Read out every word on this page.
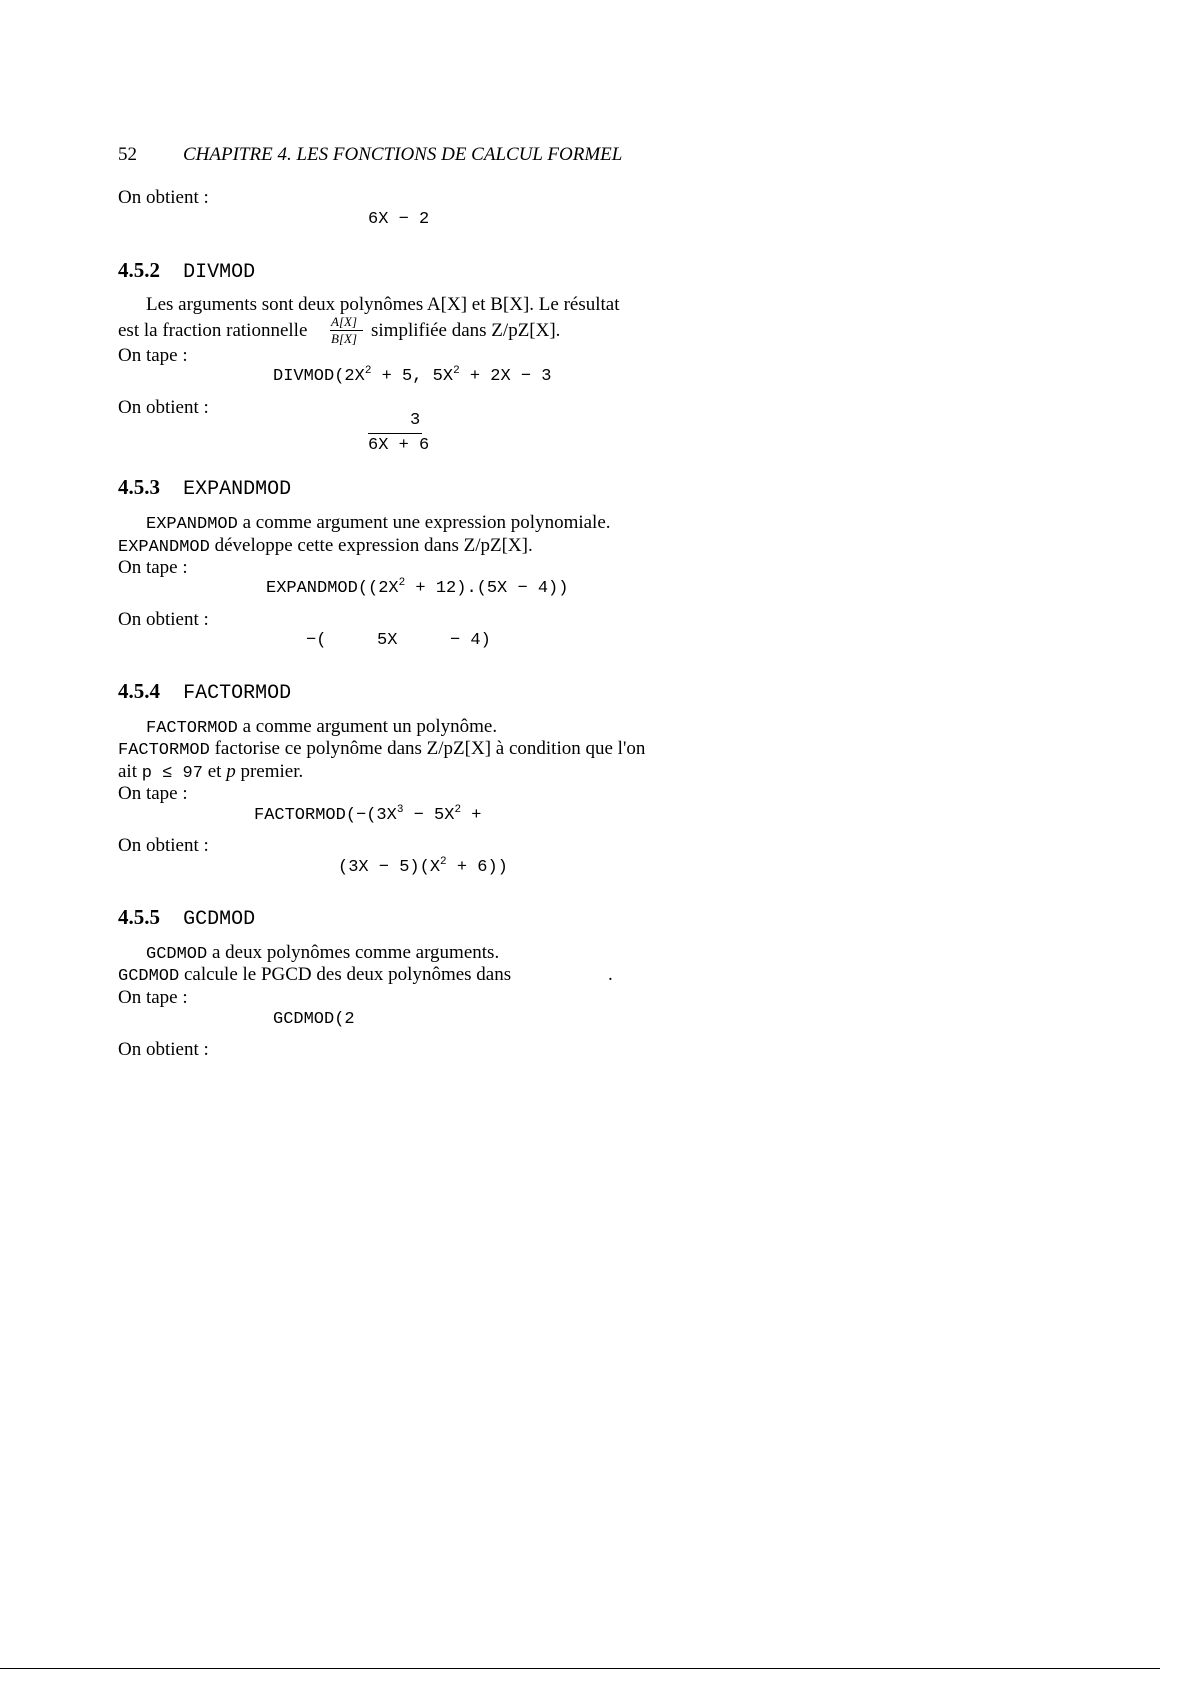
52 CHAPITRE 4. LES FONCTIONS DE CALCUL FORMEL
On obtient :
6X − 2
4.5.2 DIVMOD
Les arguments sont deux polynômes A[X] et B[X]. Le résultat
est la fraction rationnelle A[X]
B[X] simplifiée dans Z/pZ[X].
On tape :
$DIVMOD(2X^2 + 5$, $5X^2 + 2X - 3$
On obtient :
3
6X + 6
4.5.3 EXPANDMOD
EXPANDMOD a comme argument une expression polynomiale.
EXPANDMOD développe cette expression dans Z/pZ[X].
On tape :
$EXPANDMOD((2X^2 + 12).(5X - 4))$
On obtient :
−(	5X	− 4)
4.5.4 FACTORMOD
FACTORMOD a comme argument un polynôme.
FACTORMOD factorise ce polynôme dans Z/pZ[X] à condition que l'on
ait p ≤ 97 et p premier.
On tape :
$FACTORMOD(-(3X^3 - 5X^2$ +
On obtient :
$(3X - 5)(X^2 + 6)$)
4.5.5 GCDMOD
GCDMOD a deux polynômes comme arguments.
GCDMOD calcule le PGCD des deux polynômes dans	.
On tape :
GCDMOD(2
On obtient :
